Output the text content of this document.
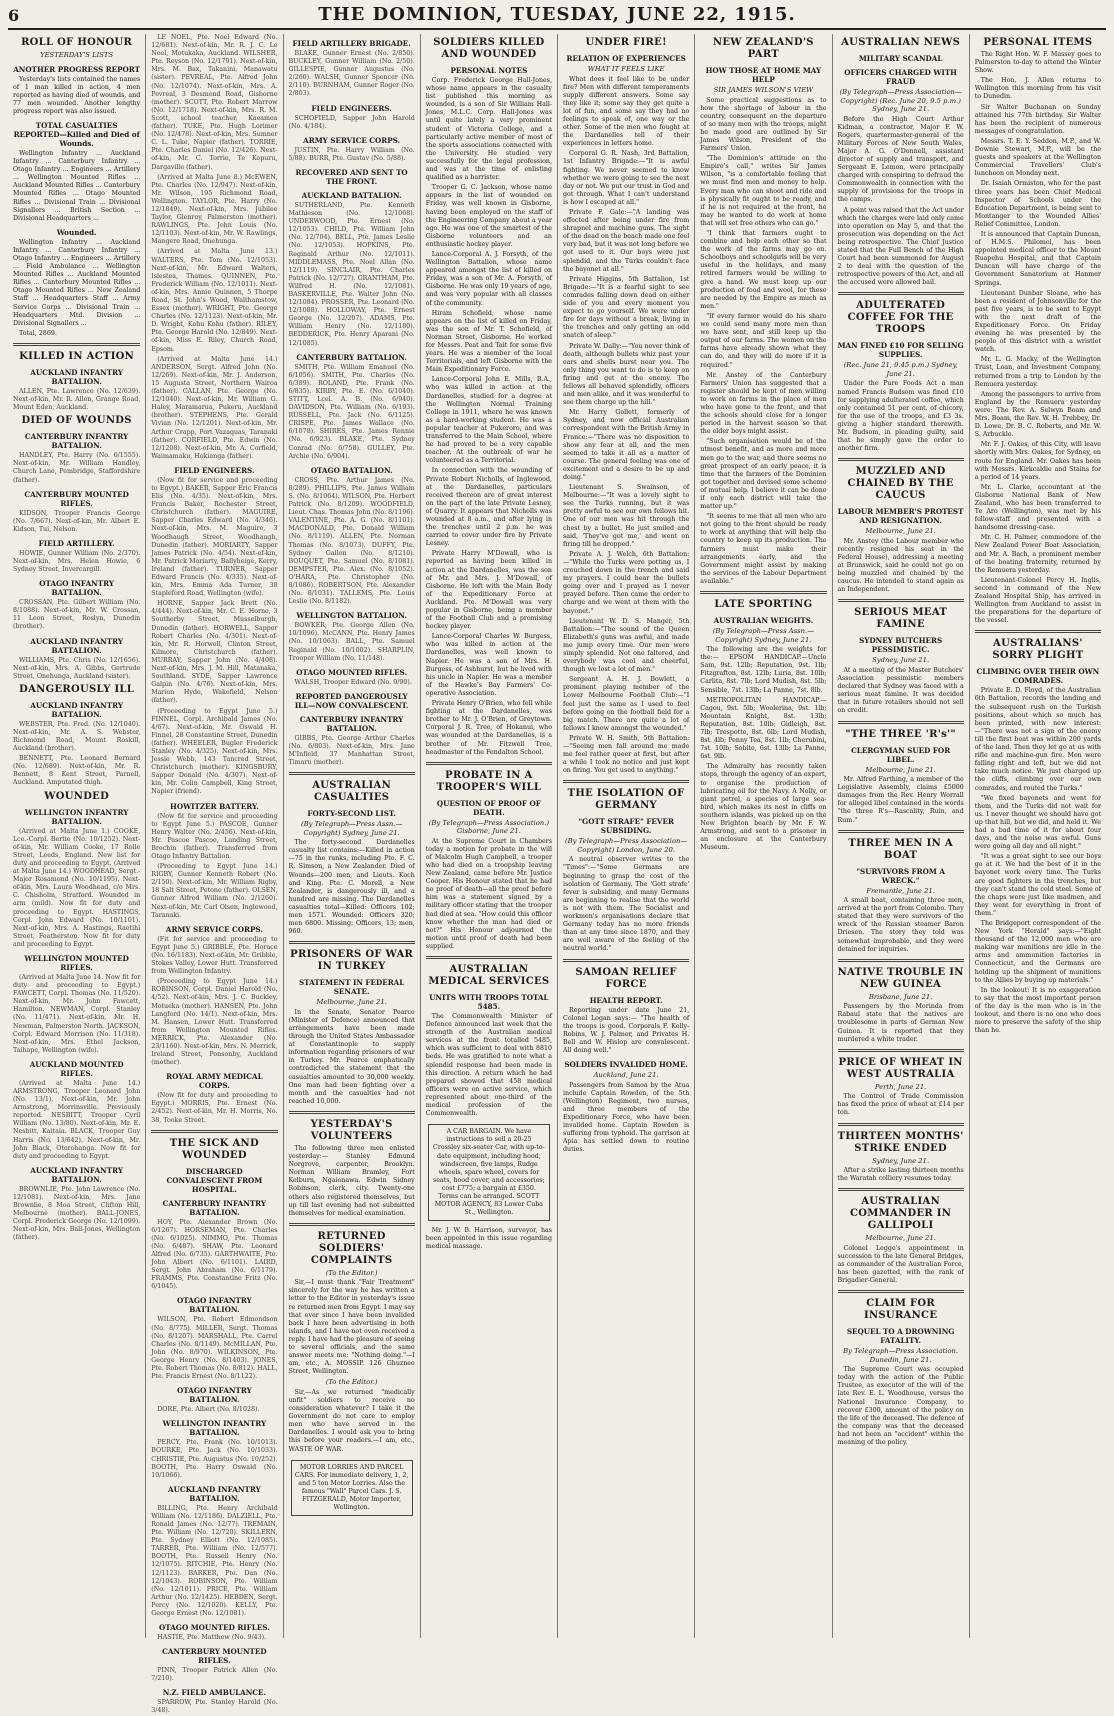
6	THE DOMINION, TUESDAY, JUNE 22, 1915.
ROLL OF HONOUR
YESTERDAY'S LISTS
ANOTHER PROGRESS REPORT
Yesterday's lists contained the names of 1 man killed in action, 4 men reported as having died of wounds, and 77 men wounded. Another lengthy progress report was also issued.
TOTAL CASUALTIES REPORTED—Killed and Died of Wounds.
Wellington Infantry ... Auckland Infantry ... Canterbury Infantry ... Otago Infantry ... Engineers ... Artillery ... Wellington Mounted Rifles ... Auckland Mounted Rifles ... Canterbury Mounted Rifles ... Otago Mounted Rifles ... Divisional Train ... Divisional Signallers ... British Section ... Divisional Headquarters ...
Wounded.
Wellington Infantry ... Auckland Infantry ... Canterbury Infantry ... Otago Infantry ... Engineers ... Artillery ... Field Ambulance ... Wellington Mounted Rifles ... Auckland Mounted Rifles ... Canterbury Mounted Rifles ... Otago Mounted Rifles ... New Zealand Staff ... Headquarters Staff ... Army Service Corps ... Divisional Train ... Headquarters Mtd. Division ... Divisional Signallers ...
Total, 2869.
KILLED IN ACTION
AUCKLAND INFANTRY BATTALION.
ALLEN, Pte. Lawrence (No. 12/639). Next-of-kin, Mr. R. Allen, Grange Road, Mount Eden, Auckland.
DIED OF WOUNDS
CANTERBURY INFANTRY BATTALION.
HANDLEY, Pte. Harry (No. 6/1555). Next-of-kin, Mr. William Handley, Church Lane, Pembridge, Staffordshire (father).
CANTERBURY MOUNTED RIFLES.
KIDSON, Trooper Francis George (No. 7/667). Next-of-kin, Mr. Albert E. Kidson, Tui, Nelson.
FIELD ARTILLERY.
HOWIE, Gunner William (No. 2/370). Next-of-kin, Mrs. Helen Howie, 6 Sydney Street, Invercargill.
OTAGO INFANTRY BATTALION.
CROSSAN, Pte. Gilbert William (No. 8/1088). Next-of-kin, Mr. W. Crossan, 11 Leon Street, Roslyn, Dunedin (brother).
AUCKLAND INFANTRY BATTALION.
WILLIAMS, Pte. Chris (No. 12/1656). Next-of-kin, Mrs. A. Gibbs, Gertrude Street, Onehunga, Auckland (sister).
DANGEROUSLY ILL
AUCKLAND INFANTRY BATTALION.
WEBSTER, Pte. Fred. (No. 12/1040). Next-of-kin, Mr. A. S. Webster, Richmond Road, Mount Roskill, Auckland (brother).
BENNETT, Pte. Leonard Bernard (No. 12/689). Next-of-kin, Mr. R. Bennett, 8 Kent Street, Parnell, Auckland. Amputated thigh.
WOUNDED
WELLINGTON INFANTRY BATTALION.
(Arrived at Malta June 1.) COOKE, Lce.-Corpl. Bertie (No. 10/1252). Next-of-kin, Mr. William Cooke, 17 Rolle Street, Leeds, England. New list for duty and proceeding to Egypt. (Arrived at Malta June 14.) WOODHEAD, Sergt.-Major Rosamond (No. 10/1195). Next-of-kin, Mrs. Laura Woodhead, c/o Mrs. C. Chisholm, Stratford. Wounded in arm (mild). Now fit for duty and proceeding to Egypt. HASTINGS, Corpl. John Edward (No. 10/1101). Next-of-kin, Mrs. A. Hastings, Raetihi Street, Featherston. Now fit for duty and proceeding to Egypt.
WELLINGTON MOUNTED RIFLES.
(Arrived at Malta June 14. Now fit for duty and proceeding to Egypt.) FAWCETT, Corpl. Thomas (No. 11/520). Next-of-kin, Mr. John Fawcett, Hamilton. NEWMAN, Corpl. Stanley (No. 11/471). Next-of-kin, Mr. H. Newman, Palmerston North. JACKSON, Corpl. Edward Morrison (No. 11/318). Next-of-kin, Mrs. Ethel Jackson, Taihape, Wellington (wife).
AUCKLAND MOUNTED RIFLES.
(Arrived at Malta June 14.) ARMSTRONG, Trooper Leonard John (No. 13/1). Next-of-kin, Mr. John Armstrong, Morrinsville. Previously reported. NESBITT, Trooper Cyril William (No. 13/80). Next-of-kin, Mr. E. Nesbitt, Kaitaia. BLACK, Trooper Guy Harris (No. 13/642). Next-of-kin, Mr. John Black, Otorohanga. Now fit for duty and proceeding to Egypt.
AUCKLAND INFANTRY BATTALION.
BROWNLIE, Pte. John Lawrence (No. 12/1081). Next-of-kin, Mrs. Jane Brownlie, 8 Moa Street, Clifton Hill, Melbourne (mother). BALL-JONES, Corpl. Frederick George (No. 12/1099). Next-of-kin, Mrs. Ball-Jones, Wellington (father).
LE NOEL, Pte. Noel Edward (No. 12/681). Next-of-kin, Mr. R. J. C. Le Noel, Motukaka, Auckland. WILSHER, Pte. Reyson (No. 12/1791). Next-of-kin, Mrs. M. Bax, Takanini, Manawatu (sister). PEVREAL, Pte. Alfred John (No. 12/1074). Next-of-kin, Mrs. A. Pevreal, 3 Desmond Road, Gisborne (mother). SCOTT, Pte. Robert Marrow (No. 12/1718). Next-of-kin, Mrs. R. M. Scott, school teacher, Kaeamea (father). TUKE, Pte. Hugh Lorimer (No. 12/478). Next-of-kin, Mrs. Sumner C. L. Tuke, Napier (father). TORRIE, Pte. Charles Daniel (No. 12/426). Next-of-kin, Mr. C. Torrie, Te Kopuru, Dargaville (father).
(Arrived at Malta June 8.) McEWEN, Pte. Charles (No. 12/947). Next-of-kin, Mr. Wilson, 195 Richmond Road, Wellington. TAYLOR, Pte. Harry (No. 12/1849). Next-of-kin, Mrs. Jubilee Taylor, Glenroy, Palmerston (mother). RAWLINGS, Pte. John Louis (No. 12/1103). Next-of-kin, Mr. W. Rawlings, Mangere Road, Onehunga.
(Arrived at Malta June 13.) WALTERS, Pte. Tom (No. 12/1053). Next-of-kin, Mr. Edward Walters, Islestea, Thames. QUINNEN, Pte. Frederick William (No. 12/1011). Next-of-kin, Mrs. Annie Quinnen, 5 Thorpe Road, St. John's Wood, Walthamstow, Essex (mother). WRIGHT, Pte. George Charles (No. 12/1123). Next-of-kin, Mr. D. Wright, Kohu Kohu (father). RILEY, Pte. George Harold (No. 12/849). Next-of-kin, Miss E. Riley, Church Road, Epsom.
(Arrived at Malta June 14.) ANDERSON, Sergt. Alfred John (No. 12/269). Next-of-kin, Mr. J. Anderson, 15 Augusta Street, Northern Wairoa (father). CALLAN, Pte. George (No. 12/1040). Next-of-kin, Mr. William G. Haley, Maramarua, Pukeru, Auckland (brother). STEPHENS, Pte. Gerald Vivian (No. 12/1201). Next-of-kin, Mr. Arthur Crapp, Port Vazaquas, Taranaki (father). CORFIELD, Pte. Edwin (No. 12/1208). Next-of-kin, Mr. A. Corfield, Waimamaku, Hokianga (father).
FIELD ENGINEERS.
(Now fit for service and proceeding to Egypt.) BAKER, Sapper Eric Francis Elis (No. 4/35). Next-of-kin, Mrs. Francis Baker, Rochester Street, Christchurch (father). MAGUIRE, Sapper Charles Edward (No. 4/346). Next-of-kin, Mrs. M. Maguire, 3 Woodhaugh Street, Woodhaugh, Dunedin (father). MORIARTY, Sapper James Patrick (No. 4/54). Next-of-kin, Mr. Patrick Moriarty, Ballyheige, Kerry, Ireland (father). TURNER, Sapper Edward Francis (No. 4/335). Next-of-kin, Mrs. Emma Ada Turner, 38 Stapleford Road, Wellington (wife).
HORNE, Sapper Jack Brett (No. 4/444). Next-of-kin, Mr. C. E. Horne, 3 Southerby Street, Musselburgh, Dunedin (father). HORWELL, Sapper Robert Charles (No. 4/301). Next-of-kin, Mr. R. Horwell, Clinton Street, Kilmore, Christchurch (father). MURRAY, Sapper John (No. 4/408). Next-of-kin, Mrs. J. M. Hill, Matanaka, Southland. SYDE, Sapper Lawrence Galpin (No. 4/76). Next-of-kin, Mrs. Marion Hyde, Wakefield, Nelson (father).
(Proceeding to Egypt June 5.) FINNEL, Corpl. Archibald James (No. 4/67). Next-of-kin, Mr. Oswald H. Finnel, 28 Constantine Street, Dunedin (father). WHEELER, Bugler Frederick Stanley (No. 4/325). Next-of-kin, Mrs. Jessie Webb, 143 Tancred Street, Christchurch (mother). KINGSBURY, Sapper Donald (No. 4/307). Next-of-kin, Mr. Colin Campbell, King Street, Napier (friend).
HOWITZER BATTERY.
(Now fit for service and proceeding to Egypt June 5.) PASCOE, Gunner Henry Walter (No. 2/456). Next-of-kin, Mr. Pascoe Pascoe, Landing Street, Brechin (father). Transferred from Otago Infantry Battalion.
(Proceeding to Egypt June 14.) RIGBY, Gunner Kenneth Robert (No. 2/150). Next-of-kin, Mr. William Rigby, 18 Salt Street, Petone (father). OLSEN, Gunner Alfred William (No. 2/1260). Next-of-kin, Mr. Carl Olsen, Inglewood, Taranaki.
ARMY SERVICE CORPS.
(Fit for service and proceeding to Egypt June 5.) GRIBBLE, Pte. Horace (No. 16/1183). Next-of-kin, Mr. Gribble, Stokes Valley, Lower Hutt. Transferred from Wellington Infantry.
(Proceeding to Egypt June 14.) ROBINSON, Corpl. Daniel Harold (No. 4/52). Next-of-kin, Mrs. J. C. Buckley, Motueka (mother). HANSEN, Pte. John Langford (No. 14/1). Next-of-kin, Mrs. M. Hansen, Lower Hutt. Transferred from Wellington Mounted Rifles. MERRICK, Pte. Alexander (No. 23/1160). Next-of-kin, Mrs. N. Merrick, Ireland Street, Ponsonby, Auckland (mother).
ROYAL ARMY MEDICAL CORPS.
(Now fit for duty and proceeding to Egypt.) MORRIS, Pte. Ernest (No. 2/452). Next-of-kin, Mr. H. Morris, No. 38, Tooke Street.
THE SICK AND WOUNDED
DISCHARGED CONVALESCENT FROM HOSPITAL.
CANTERBURY INFANTRY BATTALION.
HOY, Pte. Alexander Brown (No. 6/1267). HORSEMAN, Pte. Charles (No. 6/1025). NIMMO, Pte. Thomas (No. 6/487). SHAW, Pte. Leonard Alfred (No. 6/735). GARTHWAITE, Pte. John Albert (No. 6/1101). LAIRD, Sergt. John Abraham (No. 6/1179). FRAMMS, Pte. Constantine Fritz (No. 6/1045).
OTAGO INFANTRY BATTALION.
WILSON, Pte. Robert Edmondson (No. 8/775). MILLER, Sergt. Thomas (No. 8/1207). MARSHALL, Pte. Carrel Charles (No. 8/1149). McMILLAN, Pte. John (No. 8/970). WILKINSON, Pte. George Henry (No. 8/1403). JONES, Pte. Robert Thomas (No. 8/812). HALL, Pte. Francis Ernest (No. 8/1122).
OTAGO INFANTRY BATTALION.
DORE, Pte. Albert (No. 8/1028).
WELLINGTON INFANTRY BATTALION.
PERCY, Pte. Frank (No. 10/1013). BOURKE, Pte. Jack (No. 10/1033). CHRISTIE, Pte. Augustus (No. 10/252). BOOTH, Pte. Harry Oswald (No. 10/1066).
AUCKLAND INFANTRY BATTALION.
BILLING, Pte. Henry Archibald William (No. 12/1186). DALZIELL, Pte. Ronald James (No. 12/77). TREMAIN, Pte. William (No. 12/720). SKILLERN, Pte. Sydney Elliott (No. 12/1085). TARRER, Pte. William (No. 12/577). BOOTH, Pte. Russell Henry (No. 12/1075). RITCHIE, Pte. Henry (No. 12/1123). BARKER, Pte. Dan (No. 12/1043). ROBINSON, Pte. William (No. 12/1011). PRICE, Pte. William Arthur (No. 12/1425). HEBDEN, Sergt. Percy (No. 12/1020). KELLY, Pte. George Ernest (No. 12/1081).
OTAGO MOUNTED RIFLES.
HASTIE, Pte. Matthew (No. 9/43).
CANTERBURY MOUNTED RIFLES.
PINN, Trooper Patrick Allen (No. 7/210).
N.Z. FIELD AMBULANCE.
SPARROW, Pte. Stanley Harold (No. 3/48).
FIELD ARTILLERY BRIGADE.
BLAKE, Gunner Ernest (No. 2/850). BUCKLEY, Gunner William (No. 2/50). GILLESPIE, Gunner Augustus (No. 2/260). WALSH, Gunner Spencer (No. 2/110). BURNHAM, Gunner Roger (No. 2/803).
FIELD ENGINEERS.
SCHOFIELD, Sapper John Harold (No. 4/184).
ARMY SERVICE CORPS.
JUSTIN, Pte. Harry William (No. 5/88). BURR, Pte. Gustav (No. 5/88).
RECOVERED AND SENT TO THE FRONT.
AUCKLAND BATTALION.
SUTHERLAND, Pte. Kenneth Mathieson (No. 12/1068). UNDERWOOD, Pte. Ernest (No. 12/1053). CHILD, Pte. William John (No. 12/704). BELL, Pte. James Leslie (No. 12/1053). HOPKINS, Pte. Reginald Arthur (No. 12/1011). MIDDLEMASS, Pte. Noel Allan (No. 12/1119). SINCLAIR, Pte. Charles Patrick (No. 12/727). GRANTHAM, Pte. Wilfred H. (No. 12/1081). BASKERVILLE, Pte. Walter John (No. 12/1084). PROSSER, Pte. Leonard (No. 12/1088). HOLLOWAY, Pte. Ernest George (No. 12/207). ADAMS, Pte. William Henry (No. 12/1180). BEDDERICK, Pte. Henry Aparani (No. 12/1085).
CANTERBURY BATTALION.
SMITH, Pte. William Emanuel (No. 6/1056). SMITH, Pte. Charles (No. 6/389). ROLAND, Pte. Frank (No. 6/835). KIRBY, Pte. E. (No. 6/1040). STITT, Lcel. A. B. (No. 6/940). DAVIDSON, Pte. William (No. 6/193). RUSSELL, Pte. Jack (No. 6/1125). CRISPE, Pte. James Wallace (No. 6/1078). SHIRES, Pte. James Rennie (No. 6/923). BLAKE, Pte. Sydney Conrad (No. 6/758). GULLEY, Pte. Archie (No. 6/904).
OTAGO BATTALION.
CROSS, Pte. Arthur James (No. 8/289). PHILLIPS, Pte. James William S. (No. 8/1064). WILSON, Pte. Herbert Patrick (No. 8/1209). WOODFIELD, Lieut. Chas. Thomas John (No. 8/1196). VALENTINE, Pte. A. G. (No. 8/1101). MACDONALD, Pte. Donald William (No. 8/1119). ALLEN, Pte. Norman Thomas (No. 8/1073). DUFFY, Pte. Sydney Gallon (No. 8/1210). BOUQUET, Pte. Samuel (No. 8/1081). DEMPSTER, Pte. Alex. (No. 8/1052). O'HARA, Pte. Christopher (No. 8/1086). ROBERTSON, Pte. Alexander (No. 8/1031). TALLEMS, Pte. Louis Leslie (No. 8/1182).
WELLINGTON BATTALION.
BOWKER, Pte. George Allen (No. 10/1096). McCANN, Pte. Henry James (No. 10/1063). BALL, Pte. Samuel Reginald (No. 10/1002). SHARPLIN, Trooper William (No. 11/148).
OTAGO MOUNTED RIFLES.
WALSH, Trooper Edward (No. 9/90).
REPORTED DANGEROUSLY ILL—NOW CONVALESCENT.
CANTERBURY INFANTRY BATTALION.
GIBBS, Pte. George Arthur Charles (No. 6/803). Next-of-kin, Mrs. Jane M'Infield, 37 Manhattan Street, Timaru (mother).
AUSTRALIAN CASUALTIES
FORTY-SECOND LIST.
(By Telegraph—Press Assn.—Copyright) Sydney, June 21.
The forty-second Dardanelles casualty list contains:—Killed in action—75 in the ranks, including Pte. F. C. R. Simson, a New Zealander. Died of Wounds—200 men, and Lieuts. Koch and King. Pte. C. Morell, a New Zealander, is dangerously ill, and a hundred are missing. The Dardanelles casualties total—Killed: Officers 102; men 1571. Wounded: Officers 320; men 6800. Missing: Officers, 13; men, 960.
PRISONERS OF WAR IN TURKEY
STATEMENT IN FEDERAL SENATE.
Melbourne, June 21.
In the Senate, Senator Pearce (Minister of Defence) announced that arrangements have been made through the United States Ambassador at Constantinople to supply information regarding prisoners of war in Turkey. Mr. Pearce emphatically contradicted the statement that the casualties amounted to 30,000 weekly. One man had been fighting over a month and the casualties had not reached 10,000.
YESTERDAY'S VOLUNTEERS
The following three men enlisted yesterday:— Stanley Edmund Norgrove, carpenter, Brooklyn. Norman William Bramley, Fort Kelburn, Ngaionawa. Edwin Sidney Robinson, clerk, city. Twenty-one others also registered themselves, but up till last evening had not submitted themselves for medical examination.
RETURNED SOLDIERS' COMPLAINTS
(To the Editor.)
Sir,—I must thank "Fair Treatment" sincerely for the way he has written a letter to the Editor in yesterday's issue re returned men from Egypt. I may say that ever since I have been invalided back I have been advertising in both islands, and I have not even received a reply. I have had the pleasure of seeing to several officials, and the same answer meets me: "Nothing doing."—I am, etc., A. MOSSIP. 126 Ghuznee Street, Wellington.
(To the Editor.)
Sir,—As we returned "medically unfit" soldiers to receive no consideration whatever? I take it the Government do not care to employ men who have served in the Dardanelles. I would ask you to bring this before your readers.—I am, etc., WASTE OF WAR.
MOTOR LORRIES AND PARCEL CARS. For immediate delivery, 1, 2, and 5 ton Motor Lorries. Also the famous "Wall" Parcel Cars. J. S. FITZGERALD, Motor Importer, Wellington.
SOLDIERS KILLED AND WOUNDED
PERSONAL NOTES
Corp. Frederick George Hall-Jones, whose name appears in the casualty list published this morning as wounded, is a son of Sir William Hall-Jones, M.L.C. Corp. Hall-Jones was until quite lately a very prominent student of Victoria College, and a particularly active member of most of the sports associations connected with the University. He studied very successfully for the legal profession, and was at the time of enlisting qualified as a barrister.
Trooper G. C. Jackson, whose name appears in the list of wounded on Friday, was well known in Gisborne, having been employed on the staff of the Engineering Company about a year ago. He was one of the smartest of the Gisborne volunteers and an enthusiastic hockey player.
Lance-Corporal A. J. Forsyth, of the Wellington Battalion, whose name appeared amongst the list of killed on Friday, was a son of Mr. A. Forsyth, of Gisborne. He was only 19 years of age, and was very popular with all classes of the community.
Hiram Schofield, whose name appears on the list of killed on Friday, was the son of Mr. T. Schofield, of Norman Street, Gisborne. He worked for Messrs. Peat and Tait for some five years. He was a member of the local Territorials, and left Gisborne with the Main Expeditionary Force.
Lance-Corporal John E. Mills, B.A., who was killed in action at the Dardanelles, studied for a degree at the Wellington Normal Training College in 1911, where he was known as a hard-working student. He was a popular teacher at Pukeroro, and was transferred to the Main School, where he had proved to be a very capable teacher. At the outbreak of war he volunteered as a Territorial.
In connection with the wounding of Private Robert Nicholls, of Inglewood, at the Dardanelles, particulars received thereon are of great interest on the part of the late Private Lesney, of Quarry. It appears that Nicholls was wounded at 8 a.m., and after lying in the trenches until 2 p.m. he was carried to cover under fire by Private Lesney.
Private Harry M'Dowall, who is reported as having been killed in action at the Dardanelles, was the son of Mr. and Mrs. J. M'Dowall, of Gisborne. He left with the Main Body of the Expeditionary Force at Auckland. Pte. M'Dowall was very popular in Gisborne, being a member of the Football Club and a promising hockey player.
Lance-Corporal Charles W. Burgess, who was killed in action at the Dardanelles, was well known to Napier. He was a son of Mrs. H. Burgess, of Ashhurst, but he lived with his uncle in Napier. He was a member of the Hawke's Bay Farmers' Co-operative Association.
Private Henry O'Brien, who fell while fighting at the Dardanelles, was brother to Mr. J. O'Brien, of Greytown. Corporal J. R. Tree, of Hokanui, who was wounded at the Dardanelles, is a brother of Mr. Fitzwell Tree, headmaster of the Fendalton School.
PROBATE IN A TROOPER'S WILL
QUESTION OF PROOF OF DEATH.
(By Telegraph—Press Association.) Gisborne, June 21.
At the Supreme Court in Chambers today a motion for probate in the will of Malcolm Hugh Campbell, a trooper who had died on a troopship leaving New Zealand, came before Mr. Justice Cooper. His Honour stated that he had no proof of death—all the proof before him was a statement signed by a military officer stating that the trooper had died at sea. "How could this officer know whether the man had died or not?" His Honour adjourned the motion until proof of death had been supplied.
AUSTRALIAN MEDICAL SERVICES
UNITS WITH TROOPS TOTAL 5485.
The Commonwealth Minister of Defence announced last week that the strength of the Australian medical services at the front totalled 5485, which was sufficient to deal with 8810 beds. He was gratified to note what a splendid response had been made in this direction. A return which he had prepared showed that 458 medical officers were on active service, which represented about one-third of the medical profession of the Commonwealth.
A CAR BARGAIN. We have instructions to sell a 20-25 Crossley six-seater Car, with up-to-date equipment, including hood, windscreen, five lamps, Rudge wheels, spare wheel, covers for seats, hood cover, and accessories; cost £775; a bargain at £350. Terms can be arranged. SCOTT MOTOR AGENCY, 83 Lower Cuba St., Wellington.
Mr. J. W. B. Harrison, surveyor, has been appointed in this issue regarding medical massage.
UNDER FIRE!
RELATION OF EXPERIENCES
WHAT IT FEELS LIKE
What does it feel like to be under fire? Men with different temperaments supply different answers. Some say they like it; some say they get quite a lot of fun, and some say they had no feelings to speak of, one way or the other. Some of the men who fought at the Dardanelles tell of their experiences in letters home.
Corporal G. R. Nash, 3rd Battalion, 1st Infantry Brigade:—"It is awful fighting. We never seemed to know whether we were going to see the next day or not. We put our trust in God and got through. What I can't understand is how I escaped at all."
Private F. Gale:—"A landing was effected after being under fire from shrapnel and machine guns. The sight of the dead on the beach made one feel very bad, but it was not long before we got used to it. Our boys were just splendid, and the Turks couldn't face the bayonet at all."
Private Higgins, 5th Battalion, 1st Brigade:—"It is a fearful sight to see comrades falling down dead on either side of you and every moment you expect to go yourself. We were under fire for days without a break, living in the trenches and only getting an odd snatch of sleep."
Private W. Dally:—"You never think of death, although bullets whiz past your ears and shells burst near you. The only thing you want to do is to keep on firing and get at the enemy. The fellows all behaved splendidly, officers and men alike, and it was wonderful to see them charge up the hill."
Mr. Harry Gollett, formerly of Sydney, and now official Australian correspondent with the British Army in France:—"There was no disposition to show any fear at all, and the men seemed to take it all as a matter of course. The general feeling was one of excitement and a desire to be up and doing."
Lieutenant S. Swainson, of Melbourne:—"It was a lovely sight to see the Turks running, but it was pretty awful to see our own fellows hit. One of our men was hit through the chest by a bullet. He just smiled and said, 'They've got me,' and went on firing till he dropped."
Private A. J. Welch, 6th Battalion:—"While the Turks were potting us, I crouched down in the trench and said my prayers. I could hear the bullets going over and I prayed as I never prayed before. Then came the order to charge and we went at them with the bayonet."
Lieutenant W. D. S. Manger, 5th Battalion:—"The sound of the Queen Elizabeth's guns was awful, and made me jump every time. Our men were simply splendid. Not one faltered, and everybody was cool and cheerful, though we lost a lot of men."
Sergeant A. H. J. Bowlett, a prominent playing member of the Lower Melbourne Football Club:—"I feel just the same as I used to feel before going on the football field for a big match. There are quite a lot of fellows I knew amongst the wounded."
Private W. H. Smith, 5th Battalion:—"Seeing men fall around me made me feel rather queer at first, but after a while I took no notice and just kept on firing. You get used to anything."
THE ISOLATION OF GERMANY
"GOTT STRAFE" FEVER SUBSIDING.
(By Telegraph—Press Association—Copyright) London, June 20.
A neutral observer writes to the "Times":—"Some Germans are beginning to grasp the cost of the isolation of Germany. The 'Gott strafe' fever is subsiding, and many Germans are beginning to realise that the world is not with them. The Socialist and workmen's organisations declare that Germany today has no more friends than at any time since 1870, and they are well aware of the feeling of the neutral world."
SAMOAN RELIEF FORCE
HEALTH REPORT.
Reporting under date June 21, Colonel Logan says:— "The health of the troops is good. Corporals F. Kelly-Robins, W. J. Palmer, and Privates H. Bell and W. Hislop are convalescent. All doing well."
SOLDIERS INVALIDED HOME.
Auckland, June 21.
Passengers from Samoa by the Atua include Captain Rowden, of the 5th (Wellington) Regiment, two nurses, and three members of the Expeditionary Force, who have been invalided home. Captain Rowden is suffering from typhoid. The garrison at Apia has settled down to routine duties.
NEW ZEALAND'S PART
HOW THOSE AT HOME MAY HELP
SIR JAMES WILSON'S VIEW
Some practical suggestions as to how the shortage of labour in the country, consequent on the departure of so many men with the troops, might be made good are outlined by Sir James Wilson, President of the Farmers' Union.
"The Dominion's attitude on the Empire's call," writes Sir James Wilson, "is a comfortable feeling that we must find men and money to help. Every man who can shoot and ride and is physically fit ought to be ready, and if he is not required at the front, he may be wanted to do work at home that will set free others who can go."
"I think that farmers ought to combine and help each other so that the work of the farms may go on. Schoolboys and schoolgirls will be very useful in the holidays, and many retired farmers would be willing to give a hand. We must keep up our production of food and wool, for these are needed by the Empire as much as men."
"If every farmer would do his share we could send many more men than we have sent, and still keep up the output of our farms. The women on the farms have already shown what they can do, and they will do more if it is required."
Mr. Anstey of the Canterbury Farmers' Union has suggested that a register should be kept of men willing to work on farms in the place of men who have gone to the front, and that the schools should close for a longer period in the harvest season so that the elder boys might assist.
"Such organisation would be of the utmost benefit, and as more and more men go to the war, and there seems no great prospect of an early peace, it is time that the farmers of the Dominion got together and devised some scheme of mutual help. I believe it can be done if only each district will take the matter up."
"It seems to me that all men who are not going to the front should be ready to work at anything that will help the country to keep up its production. The farmers must make their arrangements early, and the Government might assist by making the services of the Labour Department available."
LATE SPORTING
AUSTRALIAN WEIGHTS.
(By Telegraph—Press Assn.—Copyright) Sydney, June 21.
The following are the weights for the:— EPSOM HANDICAP.—Uncle Sam, 9st. 12lb; Reputation, 9st. 1lb; Fitzgrafton, 8st. 12lb; Luria, 8st. 10lb; Carlita, 8st. 7lb; Lord Mudish, 8st. 5lb; Sensible, 7st. 13lb; La Panne, 7st. 8lb.
METROPOLITAN HANDICAP.—Cagou, 9st. 5lb; Woolerina, 9st. 1lb; Mountain Knight, 8st. 13lb; Reputation, 8st. 10lb; Gidleigh, 8st. 7lb; Trespotte, 8st. 6lb; Lord Mudish, 8st. 4lb; Penny Tea, 8st. 1lb; Cherubini, 7st. 10lb; Sobite, 6st. 13lb; La Panne, 6st. 9lb.
The Admiralty has recently taken steps, through the agency of an expert, to organise the production of lubricating oil for the Navy. A Nelly, or giant petrel, a species of large sea-bird, which makes its nest in cliffs on southern islands, was picked up on the New Brighton beach by Mr. F. W. Armstrong, and sent to a prisoner in an enclosure at the Canterbury Museum.
AUSTRALIAN NEWS
MILITARY SCANDAL
OFFICERS CHARGED WITH FRAUD
(By Telegraph—Press Association—Copyright) (Rec. June 20, 9.5 p.m.) Sydney, June 21.
Before the High Court Arthur Kidman, a contractor, Major F. W. Rogers, quartermaster-general of the Military Forces of New South Wales, Major A. G. O'Donnell, assistant director of supply and transport, and Sergeant E. Lemon, were principally charged with conspiring to defraud the Commonwealth in connection with the supply of provisions for the troops in the camps.
A point was raised that the Act under which the charges were laid only came into operation on May 5, and that the prosecution was depending on the Act being retrospective. The Chief Justice stated that the Full Bench of the High Court had been summoned for August 2 to deal with the question of the retrospective powers of the Act, and all the accused were allowed bail.
ADULTERATED COFFEE FOR THE TROOPS
MAN FINED £10 FOR SELLING SUPPLIES.
(Rec. June 21, 9.45 p.m.) Sydney, June 21.
Under the Pure Foods Act a man named Francis Budsom was fined £10 for supplying adulterated coffee, which only contained 51 per cent. of chicory, for the use of the troops, and £3 3s. giving a higher standard therewith. Mr. Budsom, in pleading guilty, said that he simply gave the order to another firm.
MUZZLED AND CHAINED BY THE CAUCUS
LABOUR MEMBER'S PROTEST AND RESIGNATION.
Melbourne, June 21.
Mr. Anstey (the Labour member who recently resigned his seat in the Federal House), addressing a meeting at Brunswick, said he could not go on being muzzled and chained by the caucus. He intended to stand again as an Independent.
SERIOUS MEAT FAMINE
SYDNEY BUTCHERS PESSIMISTIC.
Sydney, June 21.
At a meeting of the Master Butchers' Association pessimistic members declared that Sydney was faced with a serious meat famine. It was decided that in future retailers should not sell on credit.
"THE THREE 'R's'"
CLERGYMAN SUED FOR LIBEL.
Melbourne, June 21.
Mr. Alfred Farthing, a member of the Legislative Assembly, claims £5000 damages from the Rev. Henry Worrall for alleged libel contained in the words "the three R's—Rascality, Ruin, and Rum."
THREE MEN IN A BOAT
"SURVIVORS FROM A WRECK."
Fremantle, June 21.
A small boat, containing three men, arrived at the port from Colombo. They stated that they were survivors of the wreck of the Russian steamer Baron Driesen. The story they told was somewhat improbable, and they were detained for inquiries.
NATIVE TROUBLE IN NEW GUINEA
Brisbane, June 21.
Passengers by the Morinda from Rabaul state that the natives are troublesome in parts of German New Guinea. It is reported that they murdered a white trader.
PRICE OF WHEAT IN WEST AUSTRALIA
Perth, June 21.
The Control of Trade Commission has fixed the price of wheat at £14 per ton.
THIRTEEN MONTHS' STRIKE ENDED
Sydney, June 21.
After a strike lasting thirteen months the Waratah colliery resumes today.
AUSTRALIAN COMMANDER IN GALLIPOLI
Melbourne, June 21.
Colonel Legge's appointment in succession to the late General Bridges, as commander of the Australian Force, has been gazetted, with the rank of Brigadier-General.
CLAIM FOR INSURANCE
SEQUEL TO A DROWNING FATALITY.
By Telegraph—Press Association. Dunedin, June 21.
The Supreme Court was occupied today with the action of the Public Trustee, as executor of the will of the late Rev. E. L. Woodhouse, versus the National Insurance Company, to recover £300, amount of the policy on the life of the deceased. The defence of the company was that the deceased had not been an "accident" within the meaning of the policy.
PERSONAL ITEMS
The Right Hon. W. F. Massey goes to Palmerston to-day to attend the Winter Show.
The Hon. J. Allen returns to Wellington this morning from his visit to Dunedin.
Sir Walter Buchanan on Sunday attained his 77th birthday. Sir Walter has been the recipient of numerous messages of congratulation.
Messrs. T. E. Y. Seddon, M.P., and W. Downie Stewart, M.P., will be the guests and speakers at the Wellington Commercial Travellers' Club's luncheon on Monday next.
Dr. Isaiah Ormiston, who for the past three years has been Chief Medical Inspector of Schools under the Education Department, is being sent to Montanger to the Wounded Allies' Relief Committee, London.
It is announced that Captain Duncan, of H.M.S. Philomel, has been appointed medical officer to the Mount Ruapehu Hospital, and that Captain Duncan will have charge of the Government Sanatorium at Hanmer Springs.
Lieutenant Dunbar Sloane, who has been a resident of Johnsonville for the past five years, is to be sent to Egypt with the next draft of the Expeditionary Force. On Friday evening he was presented by the people of this district with a wristlet watch.
Mr. L. G. Macky, of the Wellington Trust, Loan, and Investment Company, returned from a trip to London by the Remuera yesterday.
Among the passengers to arrive from England by the Remuera yesterday were: The Rev. A. Selwyn Boam and Mrs. Boam, the Rev. W. H. Trebbey, Dr. D. Lowe, Dr. B. C. Roberts, and Mr. W. S. Arbuckle.
Mr. F. J. Oakes, of this City, will leave shortly with Mrs. Oakes, for Sydney, en route for England. Mr. Oakes has been with Messrs. Kirkcaldie and Stains for a period of 14 years.
Mr. L. Clarke, accountant at the Gisborne National Bank of New Zealand, who has been transferred to Te Aro (Wellington), was met by his fellow-staff and presented with a handsome dressing-case.
Mr. C. H. Palmer, commodore of the New Zealand Power Boat Association, and Mr. A. Bach, a prominent member of the boating fraternity, returned by the Remuera yesterday.
Lieutenant-Colonel Percy H. Inglis, second in command of the New Zealand Hospital Ship, has arrived in Wellington from Auckland to assist in the preparations for the departure of the vessel.
AUSTRALIANS' SORRY PLIGHT
CLIMBING OVER THEIR OWN COMRADES.
Private E. D. Floyd, of the Australian 6th Battalion, records the landing and the subsequent rush on the Turkish positions, about which so much has been printed, with new interest:—"There was not a sign of the enemy till the first boat was within 200 yards of the land. Then they let go at us with rifle and machine-gun fire. Men were falling right and left, but we did not take much notice. We just charged up the cliffs, climbing over our own comrades, and routed the Turks."
"We fixed bayonets and went for them, and the Turks did not wait for us. I never thought we should have got up that hill, but we did, and held it. We had a bad time of it for about four days, and the noise was awful. Guns were going all day and all night."
"It was a great sight to see our boys go at it. We had the best of it in the bayonet work every time. The Turks are good fighters in the trenches, but they can't stand the cold steel. Some of the chaps were just like madmen, and they went for everything in front of them."
The Bridgeport correspondent of the New York "Herald" says:—"Eight thousand of the 12,000 men who are making war munitions are idle in the arms and ammunition factories in Connecticut, and the Germans are holding up the shipment of munitions to the Allies by buying up materials."
In the lookout: It is no exaggeration to say that the most important person of the day is the man who is in the lookout, and there is no one who does more to preserve the safety of the ship than he.
